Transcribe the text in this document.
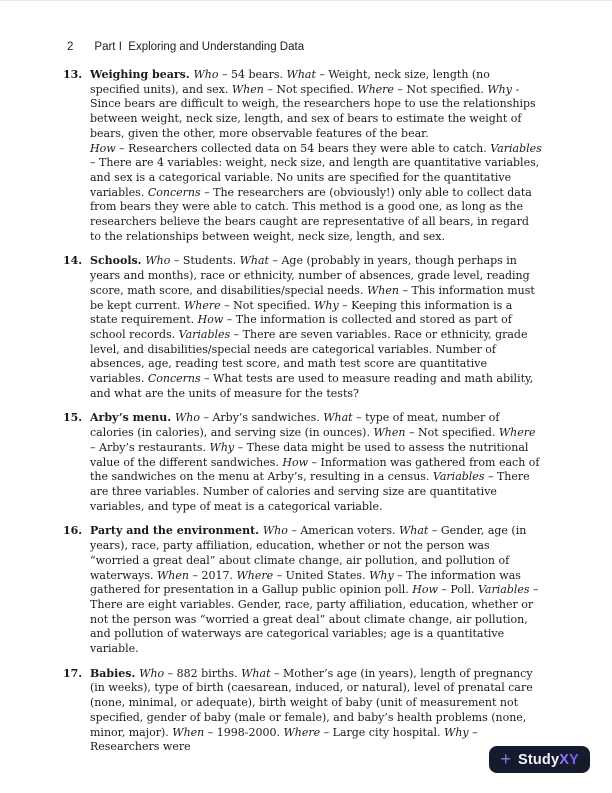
2 Part I  Exploring and Understanding Data
13. Weighing bears. Who – 54 bears. What – Weight, neck size, length (no specified units), and sex. When – Not specified. Where – Not specified. Why - Since bears are difficult to weigh, the researchers hope to use the relationships between weight, neck size, length, and sex of bears to estimate the weight of bears, given the other, more observable features of the bear.

How – Researchers collected data on 54 bears they were able to catch. Variables – There are 4 variables: weight, neck size, and length are quantitative variables, and sex is a categorical variable. No units are specified for the quantitative variables. Concerns – The researchers are (obviously!) only able to collect data from bears they were able to catch. This method is a good one, as long as the researchers believe the bears caught are representative of all bears, in regard to the relationships between weight, neck size, length, and sex.

14. Schools. Who – Students. What – Age (probably in years, though perhaps in years and months), race or ethnicity, number of absences, grade level, reading score, math score, and disabilities/special needs. When – This information must be kept current. Where – Not specified. Why – Keeping this information is a state requirement. How – The information is collected and stored as part of school records. Variables – There are seven variables. Race or ethnicity, grade level, and disabilities/special needs are categorical variables. Number of absences, age, reading test score, and math test score are quantitative variables. Concerns – What tests are used to measure reading and math ability, and what are the units of measure for the tests?

15. Arby’s menu. Who – Arby’s sandwiches. What – type of meat, number of calories (in calories), and serving size (in ounces). When – Not specified. Where – Arby’s restaurants. Why – These data might be used to assess the nutritional value of the different sandwiches. How – Information was gathered from each of the sandwiches on the menu at Arby’s, resulting in a census. Variables – There are three variables. Number of calories and serving size are quantitative variables, and type of meat is a categorical variable.

16. Party and the environment. Who – American voters. What – Gender, age (in years), race, party affiliation, education, whether or not the person was “worried a great deal” about climate change, air pollution, and pollution of waterways. When – 2017. Where – United States. Why – The information was gathered for presentation in a Gallup public opinion poll. How – Poll. Variables – There are eight variables. Gender, race, party affiliation, education, whether or not the person was “worried a great deal” about climate change, air pollution, and pollution of waterways are categorical variables; age is a quantitative variable.

17. Babies. Who – 882 births. What – Mother’s age (in years), length of pregnancy (in weeks), type of birth (caesarean, induced, or natural), level of prenatal care (none, minimal, or adequate), birth weight of baby (unit of measurement not specified, gender of baby (male or female), and baby’s health problems (none, minor, major). When – 1998-2000. Where – Large city hospital. Why – Researchers were

+ StudyXY
